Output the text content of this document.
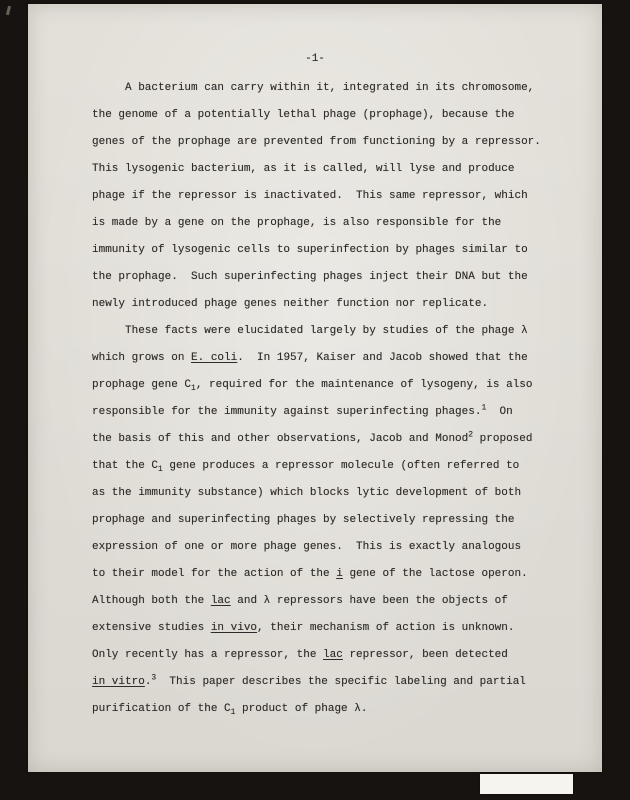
-1-
A bacterium can carry within it, integrated in its chromosome,
the genome of a potentially lethal phage (prophage), because the
genes of the prophage are prevented from functioning by a repressor.
This lysogenic bacterium, as it is called, will lyse and produce
phage if the repressor is inactivated.  This same repressor, which
is made by a gene on the prophage, is also responsible for the
immunity of lysogenic cells to superinfection by phages similar to
the prophage.  Such superinfecting phages inject their DNA but the
newly introduced phage genes neither function nor replicate.
These facts were elucidated largely by studies of the phage λ
which grows on E. coli.  In 1957, Kaiser and Jacob showed that the
prophage gene $C_1$, required for the maintenance of lysogeny, is also
responsible for the immunity against superinfecting phages.$^1$  On
the basis of this and other observations, Jacob and Monod$^2$ proposed
that the $C_1$ gene produces a repressor molecule (often referred to
as the immunity substance) which blocks lytic development of both
prophage and superinfecting phages by selectively repressing the
expression of one or more phage genes.  This is exactly analogous
to their model for the action of the i gene of the lactose operon.
Although both the lac and λ repressors have been the objects of
extensive studies in vivo, their mechanism of action is unknown.
Only recently has a repressor, the lac repressor, been detected
in vitro.$^3$  This paper describes the specific labeling and partial
purification of the $C_1$ product of phage λ.
